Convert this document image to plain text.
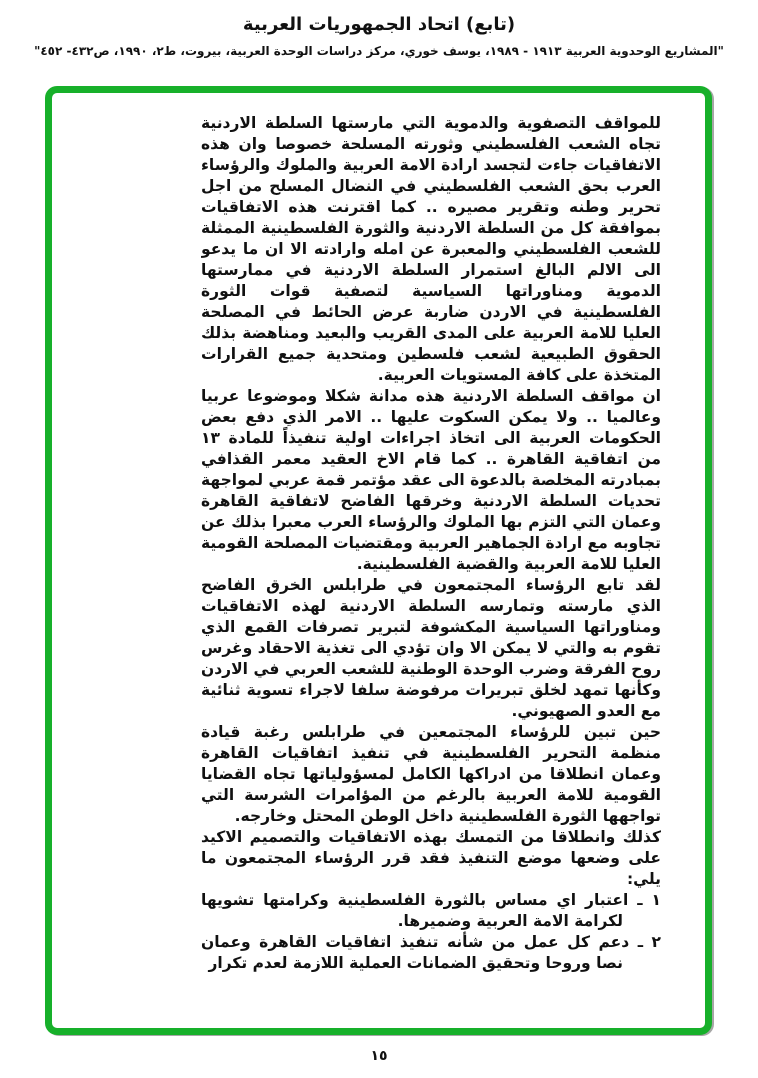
(تابع) اتحاد الجمهوريات العربية
"المشاريع الوحدوية العربية ١٩١٣ - ١٩٨٩، يوسف خوري، مركز دراسات الوحدة العربية، بيروت، ط٢، ١٩٩٠، ص٤٣٢- ٤٥٢"

للمواقف التصفوية والدموية التي مارستها السلطة الاردنية تجاه الشعب الفلسطيني وثورته المسلحة خصوصا وان هذه الاتفاقيات جاءت لتجسد ارادة الامة العربية والملوك والرؤساء العرب بحق الشعب الفلسطيني في النضال المسلح من اجل تحرير وطنه وتقرير مصيره .. كما اقترنت هذه الاتفاقيات بموافقة كل من السلطة الاردنية والثورة الفلسطينية الممثلة للشعب الفلسطيني والمعبرة عن امله وارادته الا ان ما يدعو الى الالم البالغ استمرار السلطة الاردنية في ممارستها الدموية ومناوراتها السياسية لتصفية قوات الثورة الفلسطينية في الاردن ضاربة عرض الحائط في المصلحة العليا للامة العربية على المدى القريب والبعيد ومناهضة بذلك الحقوق الطبيعية لشعب فلسطين ومتحدية جميع القرارات المتخذة على كافة المستويات العربية.

ان مواقف السلطة الاردنية هذه مدانة شكلا وموضوعا عربيا وعالميا .. ولا يمكن السكوت عليها .. الامر الذي دفع بعض الحكومات العربية الى اتخاذ اجراءات اولية تنفيذاً للمادة ١٣ من اتفاقية القاهرة .. كما قام الاخ العقيد معمر القذافي بمبادرته المخلصة بالدعوة الى عقد مؤتمر قمة عربي لمواجهة تحديات السلطة الاردنية وخرقها الفاضح لاتفاقية القاهرة وعمان التي التزم بها الملوك والرؤساء العرب معبرا بذلك عن تجاوبه مع ارادة الجماهير العربية ومقتضيات المصلحة القومية العليا للامة العربية والقضية الفلسطينية.

لقد تابع الرؤساء المجتمعون في طرابلس الخرق الفاضح الذي مارسته وتمارسه السلطة الاردنية لهذه الاتفاقيات ومناوراتها السياسية المكشوفة لتبرير تصرفات القمع الذي تقوم به والتي لا يمكن الا وان تؤدي الى تغذية الاحقاد وغرس روح الفرقة وضرب الوحدة الوطنية للشعب العربي في الاردن وكأنها تمهد لخلق تبريرات مرفوضة سلفا لاجراء تسوية ثنائية مع العدو الصهيوني.

حين تبين للرؤساء المجتمعين في طرابلس رغبة قيادة منظمة التحرير الفلسطينية في تنفيذ اتفاقيات القاهرة وعمان انطلاقا من ادراكها الكامل لمسؤولياتها تجاه القضايا القومية للامة العربية بالرغم من المؤامرات الشرسة التي تواجهها الثورة الفلسطينية داخل الوطن المحتل وخارجه.

كذلك وانطلاقا من التمسك بهذه الاتفاقيات والتصميم الاكيد على وضعها موضع التنفيذ فقد قرر الرؤساء المجتمعون ما يلي:

١ ـ اعتبار اي مساس بالثورة الفلسطينية وكرامتها تشويها لكرامة الامة العربية وضميرها.

٢ ـ دعم كل عمل من شأنه تنفيذ اتفاقيات القاهرة وعمان نصا وروحا وتحقيق الضمانات العملية اللازمة لعدم تكرار

١٥
